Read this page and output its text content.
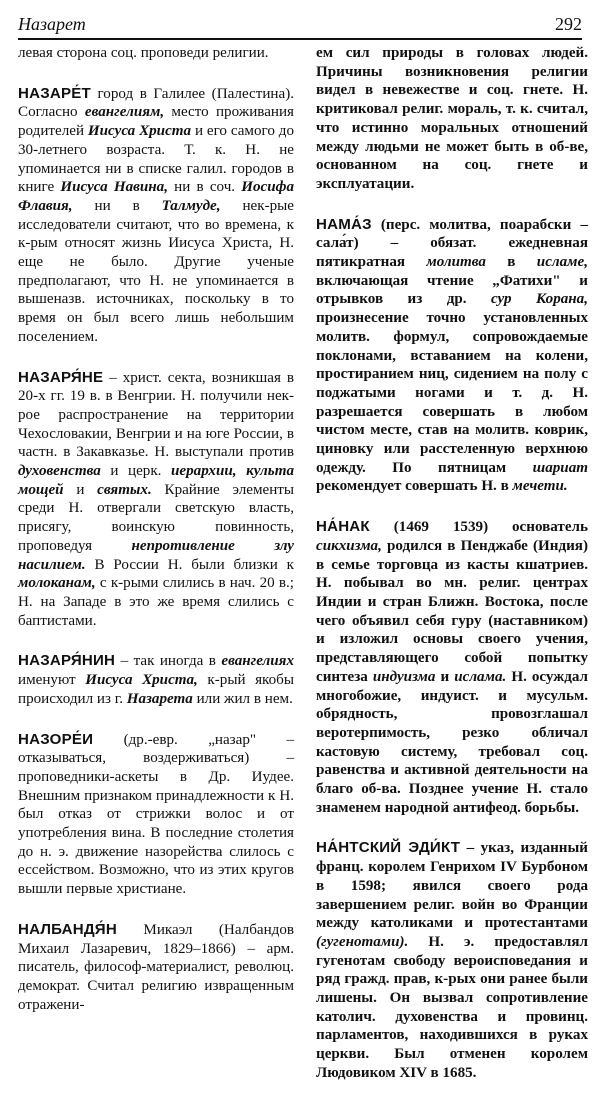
Назарет	292

левая сторона соц. проповеди религии.

НАЗАРЕ́Т город в Галилее (Палестина). Согласно евангелиям, место проживания родителей Иисуса Христа и его самого до 30-летнего возраста. Т. к. Н. не упоминается ни в списке галил. городов в книге Иисуса Навина, ни в соч. Иосифа Флавия, ни в Талмуде, нек-рые исследователи считают, что во времена, к к-рым относят жизнь Иисуса Христа, Н. еще не было. Другие ученые предполагают, что Н. не упоминается в вышеназв. источниках, поскольку в то время он был всего лишь небольшим поселением.

НАЗАРЯ́НЕ – христ. секта, возникшая в 20-х гг. 19 в. в Венгрии. Н. получили нек-рое распространение на территории Чехословакии, Венгрии и на юге России, в частн. в Закавказье. Н. выступали против духовенства и церк. иерархии, культа мощей и святых. Крайние элементы среди Н. отвергали светскую власть, присягу, воинскую повинность, проповедуя непротивление злу насилием. В России Н. были близки к молоканам, с к-рыми слились в нач. 20 в.; Н. на Западе в это же время слились с баптистами.

НАЗАРЯ́НИН – так иногда в евангелиях именуют Иисуса Христа, к-рый якобы происходил из г. Назарета или жил в нем.

НАЗОРЕ́И (др.-евр. „назар" – отказываться, воздерживаться) – проповедники-аскеты в Др. Иудее. Внешним признаком принадлежности к Н. был отказ от стрижки волос и от употребления вина. В последние столетия до н. э. движение назорейства слилось с ессейством. Возможно, что из этих кругов вышли первые христиане.

НАЛБАНДЯ́Н Микаэл (Налбандов Михаил Лазаревич, 1829–1866) – арм. писатель, философ-материалист, революц. демократ. Считал религию извращенным отражени-

ем сил природы в головах людей. Причины возникновения религии видел в невежестве и соц. гнете. Н. критиковал религ. мораль, т. к. считал, что истинно моральных отношений между людьми не может быть в об-ве, основанном на соц. гнете и эксплуатации.

НАМА́З (перс. молитва, поарабски – сала́т) – обязат. ежедневная пятикратная молитва в исламе, включающая чтение „Фатихи" и отрывков из др. сур Корана, произнесение точно установленных молитв. формул, сопровождаемые поклонами, вставанием на колени, простиранием ниц, сидением на полу с поджатыми ногами и т. д. Н. разрешается совершать в любом чистом месте, став на молитв. коврик, циновку или расстеленную верхнюю одежду. По пятницам шариат рекомендует совершать Н. в мечети.

НА́НАК (1469 1539) основатель сикхизма, родился в Пенджабе (Индия) в семье торговца из касты кшатриев. Н. побывал во мн. религ. центрах Индии и стран Ближн. Востока, после чего объявил себя гуру (наставником) и изложил основы своего учения, представляющего собой попытку синтеза индуизма и ислама. Н. осуждал многобожие, индуист. и мусульм. обрядность, провозглашал веротерпимость, резко обличал кастовую систему, требовал соц. равенства и активной деятельности на благо об-ва. Позднее учение Н. стало знаменем народной антифеод. борьбы.

НА́НТСКИЙ ЭДИ́КТ – указ, изданный франц. королем Генрихом IV Бурбоном в 1598; явился своего рода завершением религ. войн во Франции между католиками и протестантами (гугенотами). Н. э. предоставлял гугенотам свободу вероисповедания и ряд гражд. прав, к-рых они ранее были лишены. Он вызвал сопротивление католич. духовенства и провинц. парламентов, находившихся в руках церкви. Был отменен королем Людовиком XIV в 1685.
